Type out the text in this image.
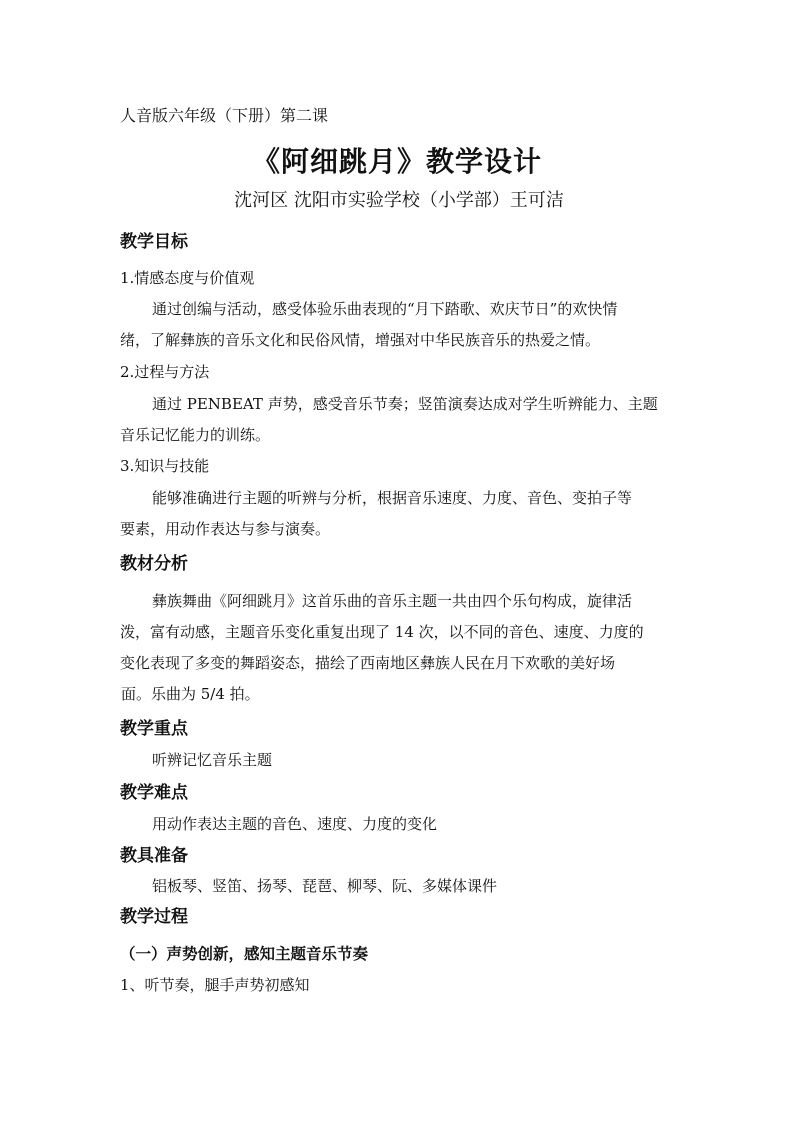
人音版六年级（下册）第二课

《阿细跳月》教学设计

沈河区 沈阳市实验学校（小学部）王可洁

教学目标

1.情感态度与价值观

通过创编与活动，感受体验乐曲表现的“月下踏歌、欢庆节日”的欢快情

绪，了解彝族的音乐文化和民俗风情，增强对中华民族音乐的热爱之情。

2.过程与方法

通过 PENBEAT 声势，感受音乐节奏；竖笛演奏达成对学生听辨能力、主题

音乐记忆能力的训练。

3.知识与技能

能够准确进行主题的听辨与分析，根据音乐速度、力度、音色、变拍子等

要素，用动作表达与参与演奏。

教材分析

彝族舞曲《阿细跳月》这首乐曲的音乐主题一共由四个乐句构成，旋律活

泼，富有动感，主题音乐变化重复出现了 14 次，以不同的音色、速度、力度的

变化表现了多变的舞蹈姿态，描绘了西南地区彝族人民在月下欢歌的美好场

面。乐曲为 5/4 拍。

教学重点

听辨记忆音乐主题

教学难点

用动作表达主题的音色、速度、力度的变化

教具准备

铝板琴、竖笛、扬琴、琵琶、柳琴、阮、多媒体课件

教学过程

（一）声势创新，感知主题音乐节奏

1、听节奏，腿手声势初感知
